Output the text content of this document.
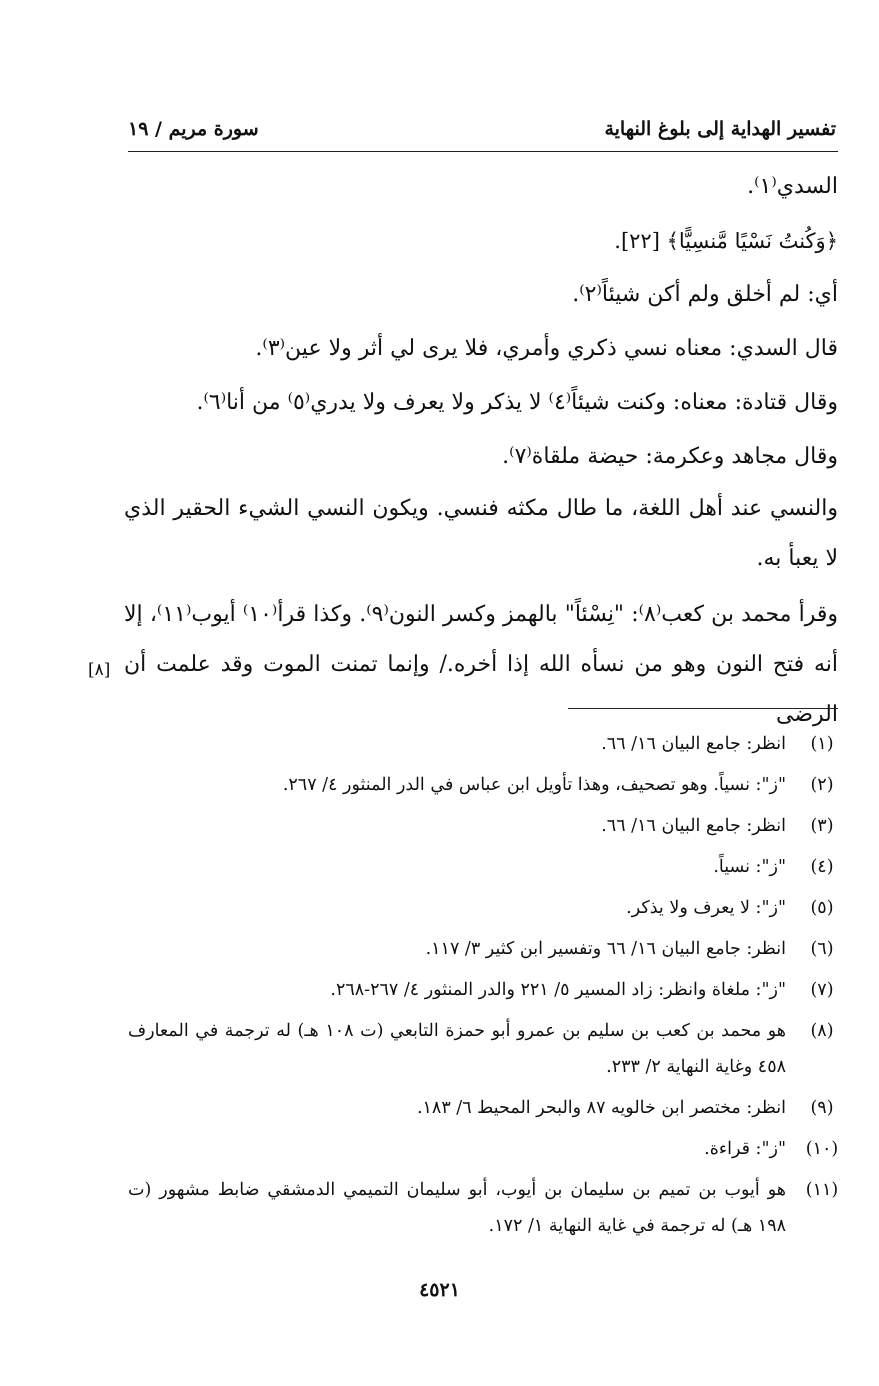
تفسير الهداية إلى بلوغ النهاية
سورة مريم / ١٩
السدي⁽١⁾.
﴿وَكُنتُ نَسْيًا مَّنسِيًّا﴾ [٢٢].
أي: لم أخلق ولم أكن شيئاً⁽٢⁾.
قال السدي: معناه نسي ذكري وأمري، فلا يرى لي أثر ولا عين⁽٣⁾.
وقال قتادة: معناه: وكنت شيئاً⁽٤⁾ لا يذكر ولا يعرف ولا يدري⁽٥⁾ من أنا⁽٦⁾.
وقال مجاهد وعكرمة: حيضة ملقاة⁽٧⁾.
والنسي عند أهل اللغة، ما طال مكثه فنسي. ويكون النسي الشيء الحقير الذي لا يعبأ به.
وقرأ محمد بن كعب⁽٨⁾: "نِسْئاً" بالهمز وكسر النون⁽٩⁾. وكذا قرأ⁽١٠⁾ أيوب⁽١١⁾، إلا أنه فتح النون وهو من نسأه الله إذا أخره./ وإنما تمنت الموت وقد علمت أن الرضى
[٨]
(١)
انظر: جامع البيان ١٦/ ٦٦.
(٢)
"ز": نسياً. وهو تصحيف، وهذا تأويل ابن عباس في الدر المنثور ٤/ ٢٦٧.
(٣)
انظر: جامع البيان ١٦/ ٦٦.
(٤)
"ز": نسياً.
(٥)
"ز": لا يعرف ولا يذكر.
(٦)
انظر: جامع البيان ١٦/ ٦٦ وتفسير ابن كثير ٣/ ١١٧.
(٧)
"ز": ملغاة وانظر: زاد المسير ٥/ ٢٢١ والدر المنثور ٤/ ٢٦٧-٢٦٨.
(٨)
هو محمد بن كعب بن سليم بن عمرو أبو حمزة التابعي (ت ١٠٨ هـ) له ترجمة في المعارف ٤٥٨ وغاية النهاية ٢/ ٢٣٣.
(٩)
انظر: مختصر ابن خالويه ٨٧ والبحر المحيط ٦/ ١٨٣.
(١٠)
"ز": قراءة.
(١١)
هو أيوب بن تميم بن سليمان بن أيوب، أبو سليمان التميمي الدمشقي ضابط مشهور (ت ١٩٨ هـ) له ترجمة في غاية النهاية ١/ ١٧٢.
٤٥٢١
